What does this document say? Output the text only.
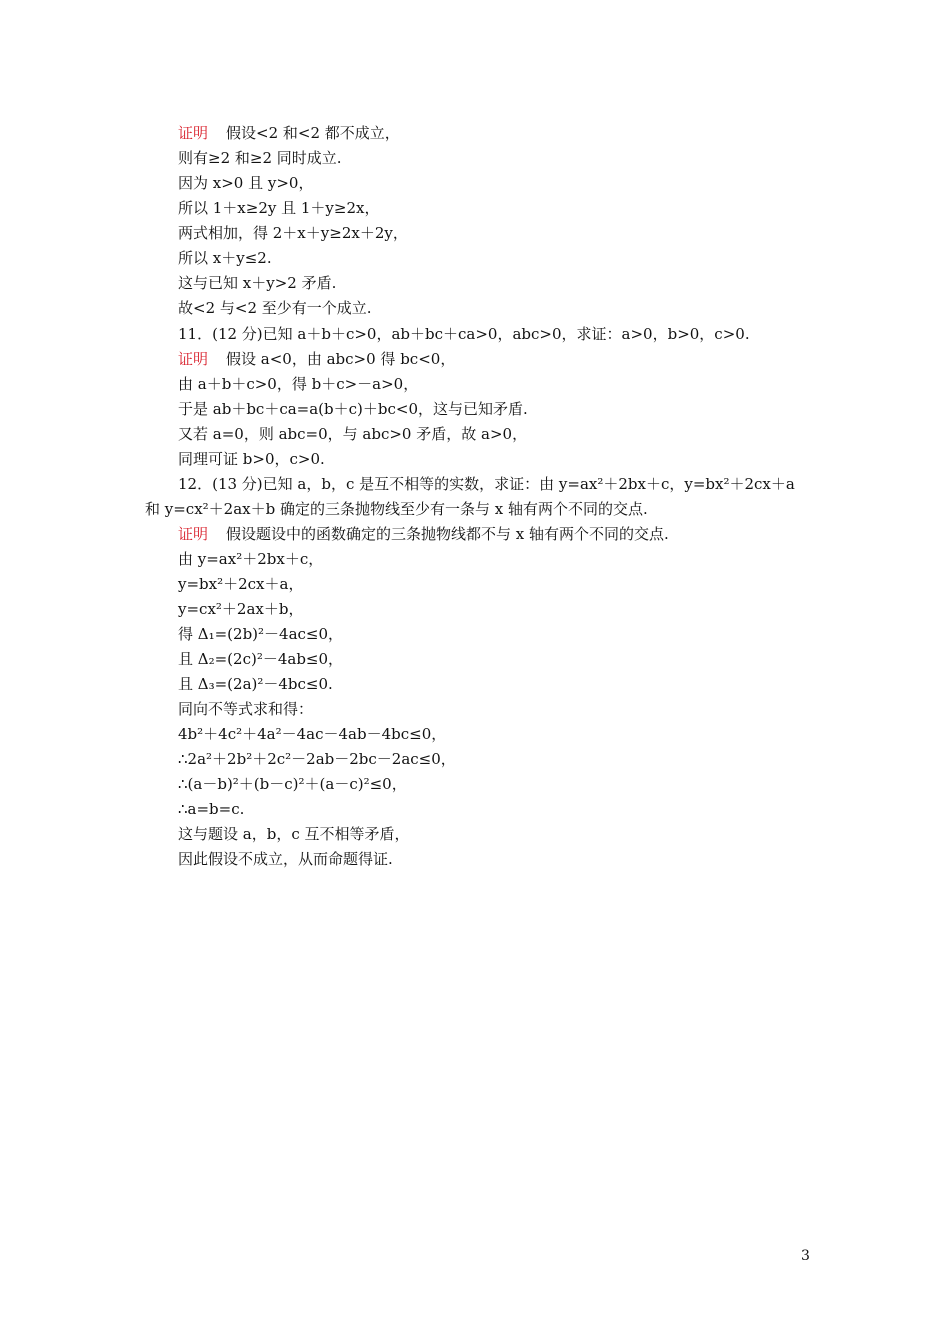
证明 假设<2 和<2 都不成立，
则有≥2 和≥2 同时成立.
因为 x>0 且 y>0，
所以 1＋x≥2y 且 1＋y≥2x，
两式相加，得 2＋x＋y≥2x＋2y，
所以 x＋y≤2.
这与已知 x＋y>2 矛盾.
故<2 与<2 至少有一个成立.
11．(12 分)已知 a＋b＋c>0，ab＋bc＋ca>0，abc>0，求证：a>0，b>0，c>0.
证明 假设 a<0，由 abc>0 得 bc<0，
由 a＋b＋c>0，得 b＋c>－a>0，
于是 ab＋bc＋ca=a(b＋c)＋bc<0，这与已知矛盾.
又若 a=0，则 abc=0，与 abc>0 矛盾，故 a>0，
同理可证 b>0，c>0.
12．(13 分)已知 a，b，c 是互不相等的实数，求证：由 y=ax²＋2bx＋c，y=bx²＋2cx＋a
和 y=cx²＋2ax＋b 确定的三条抛物线至少有一条与 x 轴有两个不同的交点.
证明 假设题设中的函数确定的三条抛物线都不与 x 轴有两个不同的交点.
由 y=ax²＋2bx＋c，
y=bx²＋2cx＋a，
y=cx²＋2ax＋b，
得 Δ₁=(2b)²－4ac≤0，
且 Δ₂=(2c)²－4ab≤0，
且 Δ₃=(2a)²－4bc≤0.
同向不等式求和得：
4b²＋4c²＋4a²－4ac－4ab－4bc≤0，
∴2a²＋2b²＋2c²－2ab－2bc－2ac≤0，
∴(a－b)²＋(b－c)²＋(a－c)²≤0，
∴a=b=c.
这与题设 a，b，c 互不相等矛盾，
因此假设不成立，从而命题得证.
3
